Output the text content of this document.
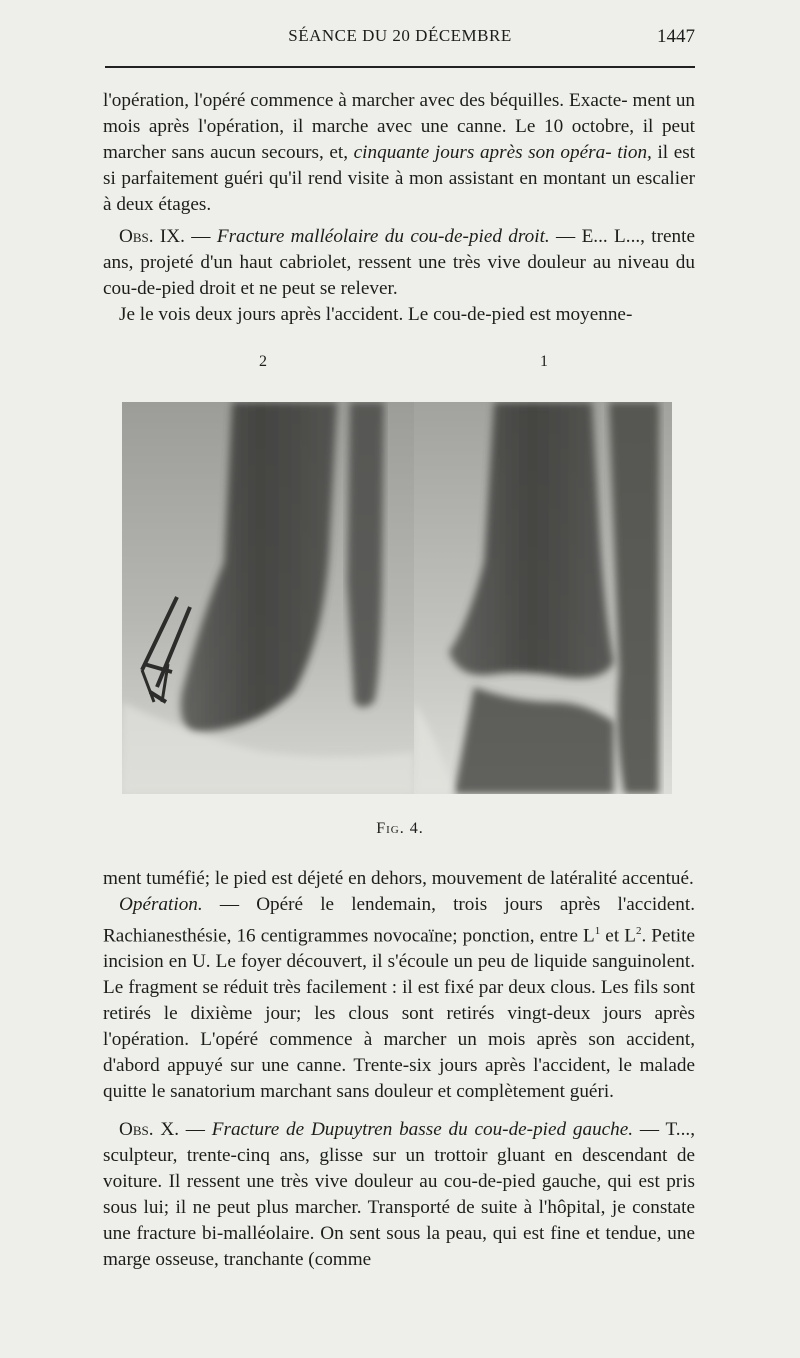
SÉANCE DU 20 DÉCEMBRE	1447

l'opération, l'opéré commence à marcher avec des béquilles. Exacte- ment un mois après l'opération, il marche avec une canne. Le 10 octobre, il peut marcher sans aucun secours, et, cinquante jours après son opéra- tion, il est si parfaitement guéri qu'il rend visite à mon assistant en montant un escalier à deux étages.

Obs. IX. — Fracture malléolaire du cou-de-pied droit. — E... L..., trente ans, projeté d'un haut cabriolet, ressent une très vive douleur au niveau du cou-de-pied droit et ne peut se relever.

Je le vois deux jours après l'accident. Le cou-de-pied est moyenne-

2	1
Fig. 4.

ment tuméfié; le pied est déjeté en dehors, mouvement de latéralité accentué.

Opération. — Opéré le lendemain, trois jours après l'accident. Rachianesthésie, 16 centigrammes novocaïne; ponction, entre $L^1$ et $L^2$. Petite incision en U. Le foyer découvert, il s'écoule un peu de liquide sanguinolent. Le fragment se réduit très facilement : il est fixé par deux clous. Les fils sont retirés le dixième jour; les clous sont retirés vingt-deux jours après l'opération. L'opéré commence à marcher un mois après son accident, d'abord appuyé sur une canne. Trente-six jours après l'accident, le malade quitte le sanatorium marchant sans douleur et complètement guéri.

Obs. X. — Fracture de Dupuytren basse du cou-de-pied gauche. — T..., sculpteur, trente-cinq ans, glisse sur un trottoir gluant en descendant de voiture. Il ressent une très vive douleur au cou-de-pied gauche, qui est pris sous lui; il ne peut plus marcher. Transporté de suite à l'hôpital, je constate une fracture bi-malléolaire. On sent sous la peau, qui est fine et tendue, une marge osseuse, tranchante (comme
